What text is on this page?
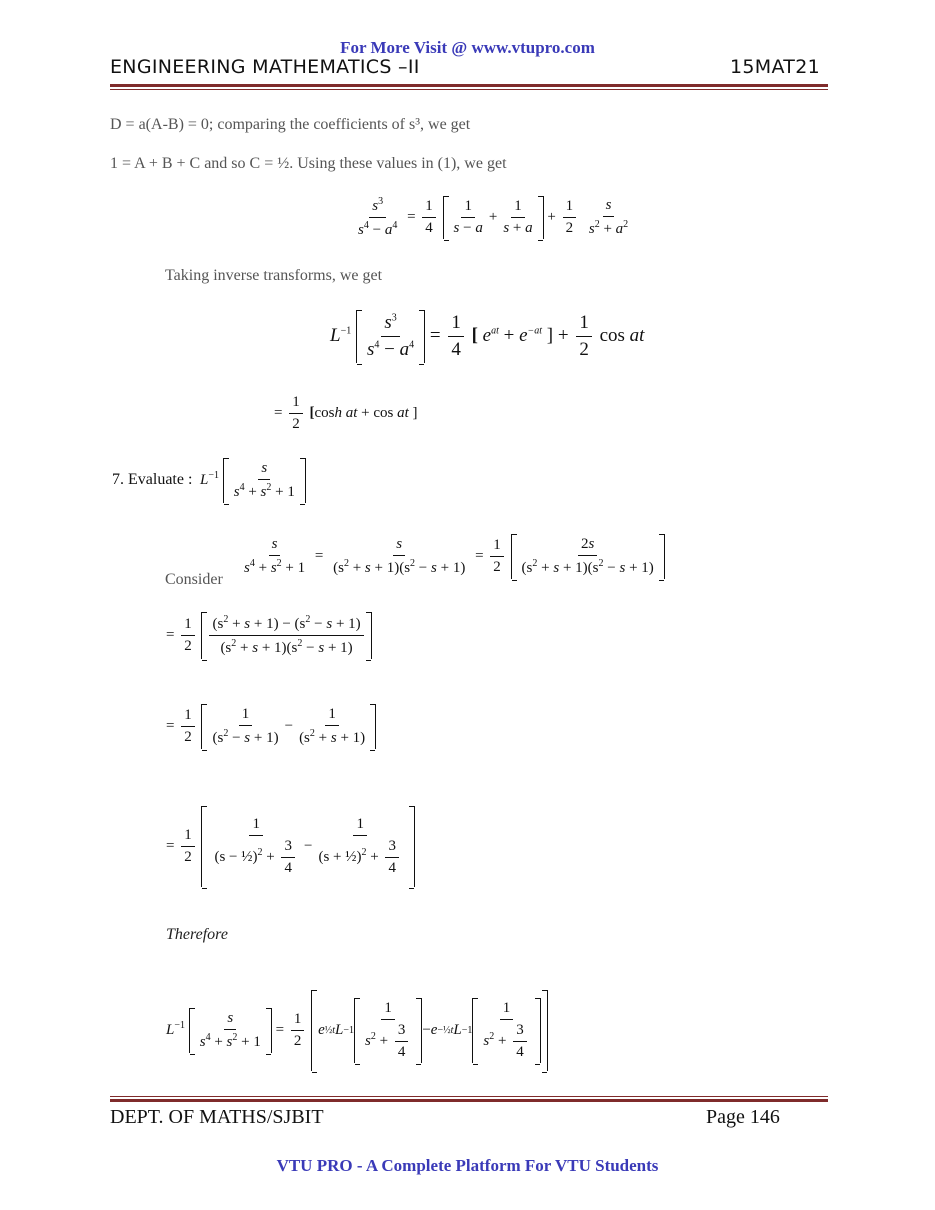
For More Visit @ www.vtupro.com
ENGINEERING MATHEMATICS –II	15MAT21
D = a(A-B) = 0; comparing the coefficients of s³, we get
1 = A + B + C and so C = ½. Using these values in (1), we get
$\frac{s^3}{s^4 - a^4} = \frac{1}{4}$
$\frac{1}{s - a} + \frac{1}{s + a} + \frac{1}{2}$
$\frac{s}{s^2 + a^2}$
Taking inverse transforms, we get
$L^{-1} \frac{s^3}{s^4 - a^4} = \frac{1}{4}$ [ $e^{at} + e^{-at}$ ] + $\frac{1}{2}$ cos at
= $\frac{1}{2} [\cosh$ at + cos at ]
7. Evaluate : $L^{-1} \frac{s}{s^4 + s^2 + 1}$
$\frac{s}{s^4 + s^2 + 1} = \frac{s}{(s^2 + s + 1)(s^2 - s + 1)} = \frac{1}{2}$
$\frac{2s}{(s^2 + s + 1)(s^2 - s + 1)}$
Consider
= $\frac{1}{2}$
$\frac{(s^2 + s + 1) - (s^2 - s + 1)}{(s^2 + s + 1)(s^2 - s + 1)}$
= $\frac{1}{2}$
$\frac{1}{(s^2 - s + 1)} - \frac{1}{(s^2 + s + 1)}$
= $\frac{1}{2}$
$\frac{1}{(s - \frac{1}{2})^2 + \frac{3}{4}} - \frac{1}{(s + \frac{1}{2})^2 + \frac{3}{4}}$
Therefore
$L^{-1} \frac{s}{s^4 + s^2 + 1} = \frac{1}{2}$
e ½t $L -1 \frac{1}{s^2 + \frac{3}{4}} - e$ −½t $L -1 \frac{1}{s^2 + \frac{3}{4}}$
DEPT. OF MATHS/SJBIT	Page 146
VTU PRO - A Complete Platform For VTU Students
